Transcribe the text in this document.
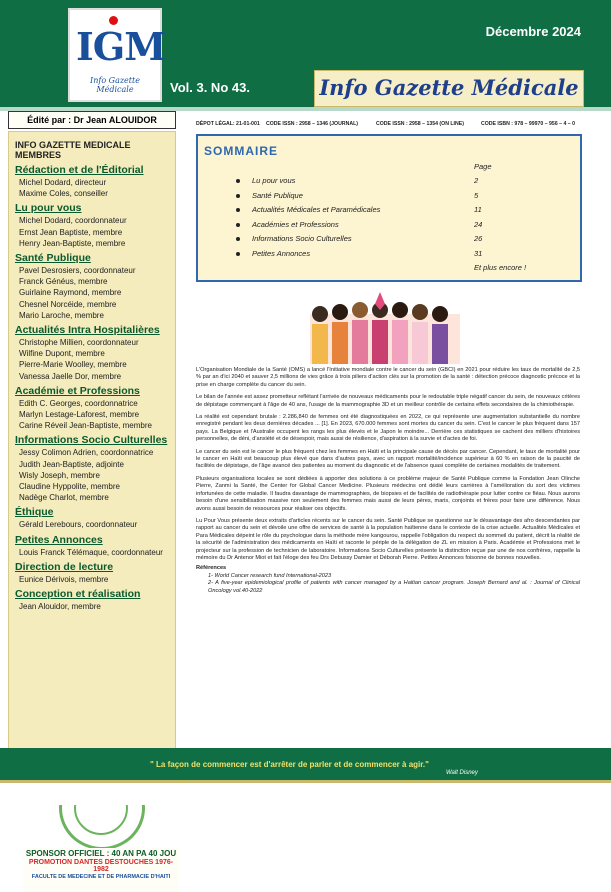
IGM
Info Gazette Médicale
Décembre 2024
Vol. 3. No 43.	Info Gazette Médicale
Édité par : Dr Jean ALOUIDOR
INFO GAZETTE MEDICALE MEMBRES
Rédaction et de l'Éditorial
Michel Dodard, directeur
Maxime Coles, conseiller
Lu pour vous
Michel Dodard, coordonnateur
Ernst Jean Baptiste, membre
Henry Jean-Baptiste, membre
Santé Publique
Pavel Desrosiers, coordonnateur
Franck Généus, membre
Guirlaine Raymond, membre
Chesnel Norcéide, membre
Mario Laroche, membre
Actualités Intra Hospitalières
Christophe Millien, coordonnateur
Wilfine Dupont, membre
Pierre-Marie Woolley, membre
Vanessa Jaelle Dor, membre
Académie et Professions
Edith C. Georges, coordonnatrice
Marlyn Lestage-Laforest, membre
Carine Réveil Jean-Baptiste, membre
Informations Socio Culturelles
Jessy Colimon Adrien, coordonnatrice
Judith Jean-Baptiste, adjointe
Wisly Joseph, membre
Claudine Hyppolite, membre
Nadège Charlot, membre
Éthique
Gérald Lerebours, coordonnateur
Petites Annonces
Louis Franck Télémaque, coordonnateur
Direction de lecture
Eunice Dérivois, membre
Conception et réalisation
Jean Alouidor, membre
SPONSOR OFFICIEL : 40 AN PA 40 JOU
PROMOTION DANTES DESTOUCHES 1976-1982
FACULTE DE MEDECINE ET DE PHARMACIE D'HAITI
DÉPOT LÉGAL: 21-01-001 CODE ISSN : 2958 – 1346 (JOURNAL)	CODE ISSN : 2958 – 1354 (ON LINE)	CODE ISBN : 978 – 99970 – 956 – 4 – 0
SOMMAIRE
Page
Lu pour vous	2
Santé Publique	5
Actualités Médicales et Paramédicales	11
Académies et Professions	24
Informations Socio Culturelles	26
Petites Annonces	31
Et plus encore !

L'Organisation Mondiale de la Santé (OMS) a lancé l'Initiative mondiale contre le cancer du sein (GBCI) en 2021 pour réduire les taux de mortalité de 2,5 % par an d'ici 2040 et sauver 2,5 millions de vies grâce à trois piliers d'action clés sur la promotion de la santé : détection précoce diagnostic précoce et la prise en charge complète du cancer du sein.

Le bilan de l'année est assez prometteur reflétant l'arrivée de nouveaux médicaments pour le redoutable triple négatif cancer du sein, de nouveaux critères de dépistage commençant à l'âge de 40 ans, l'usage de la mammographie 3D et un meilleur contrôle de certains effets secondaires de la chimiothérapie.

La réalité est cependant brutale : 2.286,840 de femmes ont été diagnostiquées en 2022, ce qui représente une augmentation substantielle du nombre enregistré pendant les deux dernières décades ... [1]. En 2023, 670.000 femmes sont mortes du cancer du sein. C'est le cancer le plus fréquent dans 157 pays. La Belgique et l'Australie occupent les rangs les plus élevés et le Japon le moindre... Derrière ces statistiques se cachent des milliers d'histoires personnelles, de déni, d'anxiété et de désespoir, mais aussi de résilience, d'aspiration à la survie et d'actes de foi.

Le cancer du sein est le cancer le plus fréquent chez les femmes en Haïti et la principale cause de décès par cancer. Cependant, le taux de mortalité pour le cancer en Haïti est beaucoup plus élevé que dans d'autres pays, avec un rapport mortalité/incidence supérieur à 60 % en raison de la paucité de facilités de dépistage, de l'âge avancé des patientes au moment du diagnostic et de l'absence quasi complète de certaines modalités de traitement.

Plusieurs organisations locales se sont dédiées à apporter des solutions à ce problème majeur de Santé Publique comme la Fondation Jean Olinche Pierre, Zanmi la Santé, the Center for Global Cancer Medicine. Plusieurs médecins ont dédié leurs carrières à l'amélioration du sort des victimes infortunées de cette maladie. Il faudra davantage de mammographies, de biopsies et de facilités de radiothérapie pour lutter contre ce fléau. Nous aurons besoin d'une sensibilisation massive non seulement des femmes mais aussi de leurs pères, maris, conjoints et frères pour faire une différence. Nous avons aussi besoin de ressources pour réaliser ces objectifs.

Lu Pour Vous présente deux extraits d'articles récents sur le cancer du sein. Santé Publique se questionne sur le désavantage des afro descendantes par rapport au cancer du sein et dévoile une offre de services de santé à la population haïtienne dans le contexte de la crise actuelle. Actualités Médicales et Para Médicales dépeint le rôle du psychologue dans la méthode mère kangourou, rappelle l'obligation du respect du sommeil du patient, décrit la réalité de la sécurité de l'administration des médicaments en Haïti et raconte le périple de la délégation de ZL en mission à Paris. Académie et Professions met le projecteur sur la profession de technicien de laboratoire. Informations Socio Culturelles présente la distinction reçue par une de nos confrères, rappelle la mémoire du Dr Antenor Miot et fait l'éloge des feu Drs Debussy Damier et Déborah Pierre. Petites Annonces foisonne de bonnes nouvelles.

Références

1- World Cancer research fund International-2023

2- A five-year epidemiological profile of patients with cancer managed by a Haitian cancer program. Joseph Bernard and al. : Journal of Clinical Oncology vol.40-2022

" La façon de commencer est d'arrêter de parler et de commencer à agir."
Walt Disney
